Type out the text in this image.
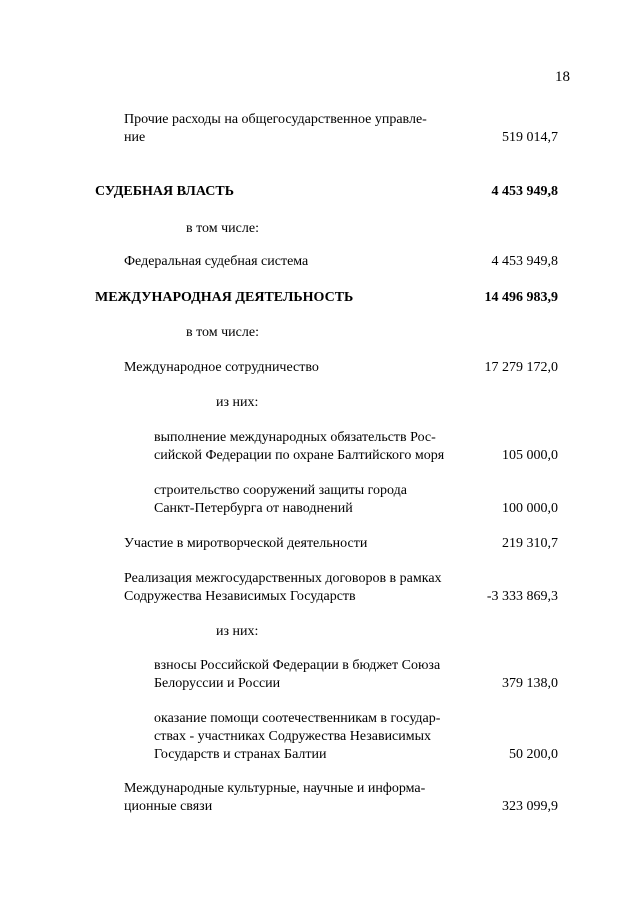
18
Прочие расходы на общегосударственное управле-
ние	519 014,7
СУДЕБНАЯ ВЛАСТЬ	4 453 949,8
в том числе:
Федеральная судебная система	4 453 949,8
МЕЖДУНАРОДНАЯ ДЕЯТЕЛЬНОСТЬ	14 496 983,9
в том числе:
Международное сотрудничество	17 279 172,0
из них:
выполнение международных обязательств Рос-
сийской Федерации по охране Балтийского моря	105 000,0
строительство сооружений защиты города
Санкт-Петербурга от наводнений	100 000,0
Участие в миротворческой деятельности	219 310,7
Реализация межгосударственных договоров в рамках
Содружества Независимых Государств	-3 333 869,3
из них:
взносы Российской Федерации в бюджет Союза
Белоруссии и России	379 138,0
оказание помощи соотечественникам в государ-
ствах - участниках Содружества Независимых
Государств и странах Балтии	50 200,0
Международные культурные, научные и информа-
ционные связи	323 099,9
